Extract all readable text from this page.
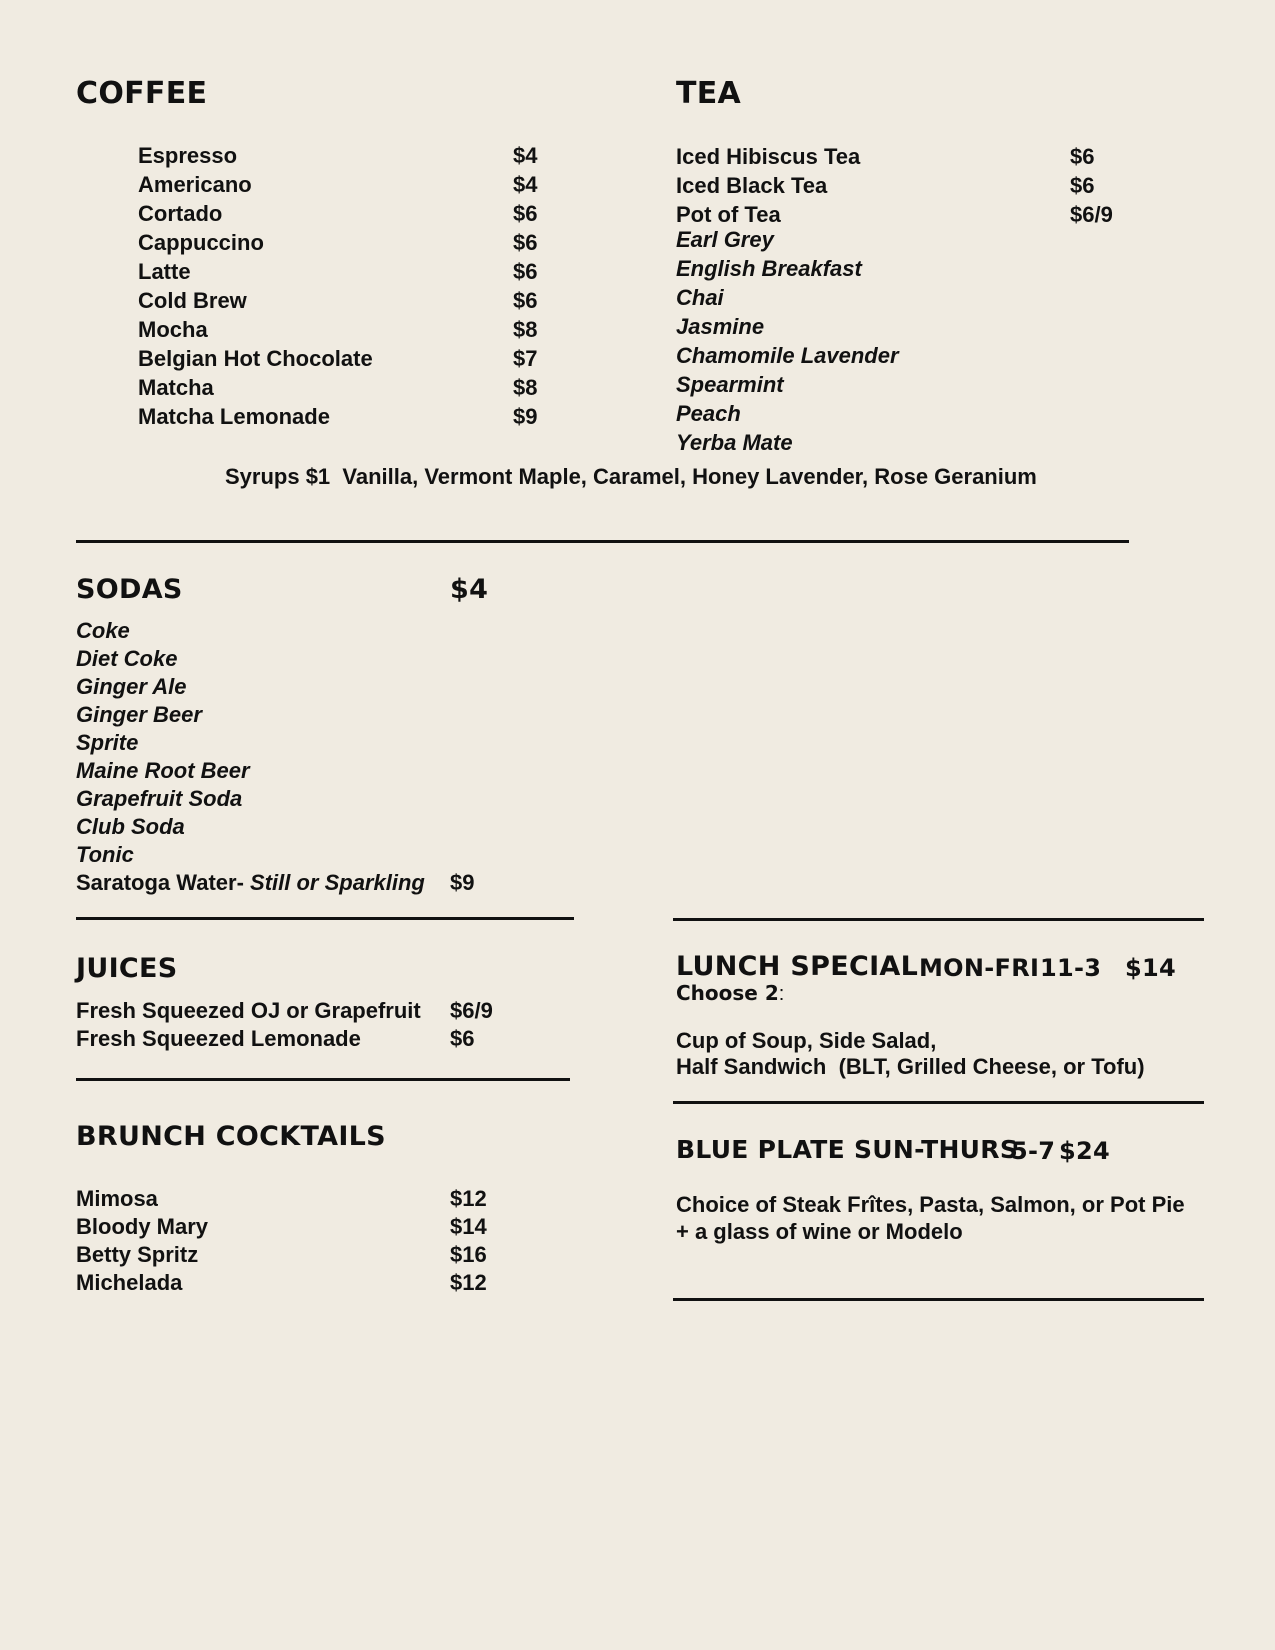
COFFEE
Espresso
Americano
Cortado
Cappuccino
Latte
Cold Brew
Mocha
Belgian Hot Chocolate
Matcha
Matcha Lemonade
$4
$4
$6
$6
$6
$6
$8
$7
$8
$9
TEA
Iced Hibiscus Tea
Iced Black Tea
Pot of Tea
$6
$6
$6/9
Earl Grey
English Breakfast
Chai
Jasmine
Chamomile Lavender
Spearmint
Peach
Yerba Mate
Syrups $1  Vanilla, Vermont Maple, Caramel, Honey Lavender, Rose Geranium
SODAS	$4
Coke
Diet Coke
Ginger Ale
Ginger Beer
Sprite
Maine Root Beer
Grapefruit Soda
Club Soda
Tonic
Saratoga Water- Still or Sparkling $9
JUICES
Fresh Squeezed OJ or Grapefruit
Fresh Squeezed Lemonade
$6/9
$6
BRUNCH COCKTAILS
Mimosa
Bloody Mary
Betty Spritz
Michelada
$12
$14
$16
$12
LUNCH SPECIAL MON-FRI 11-3 $14
Choose 2:
Cup of Soup, Side Salad,
Half Sandwich  (BLT, Grilled Cheese, or Tofu)
BLUE PLATE SUN-THURS
5-7 $24
Choice of Steak Frîtes, Pasta, Salmon, or Pot Pie
+ a glass of wine or Modelo
